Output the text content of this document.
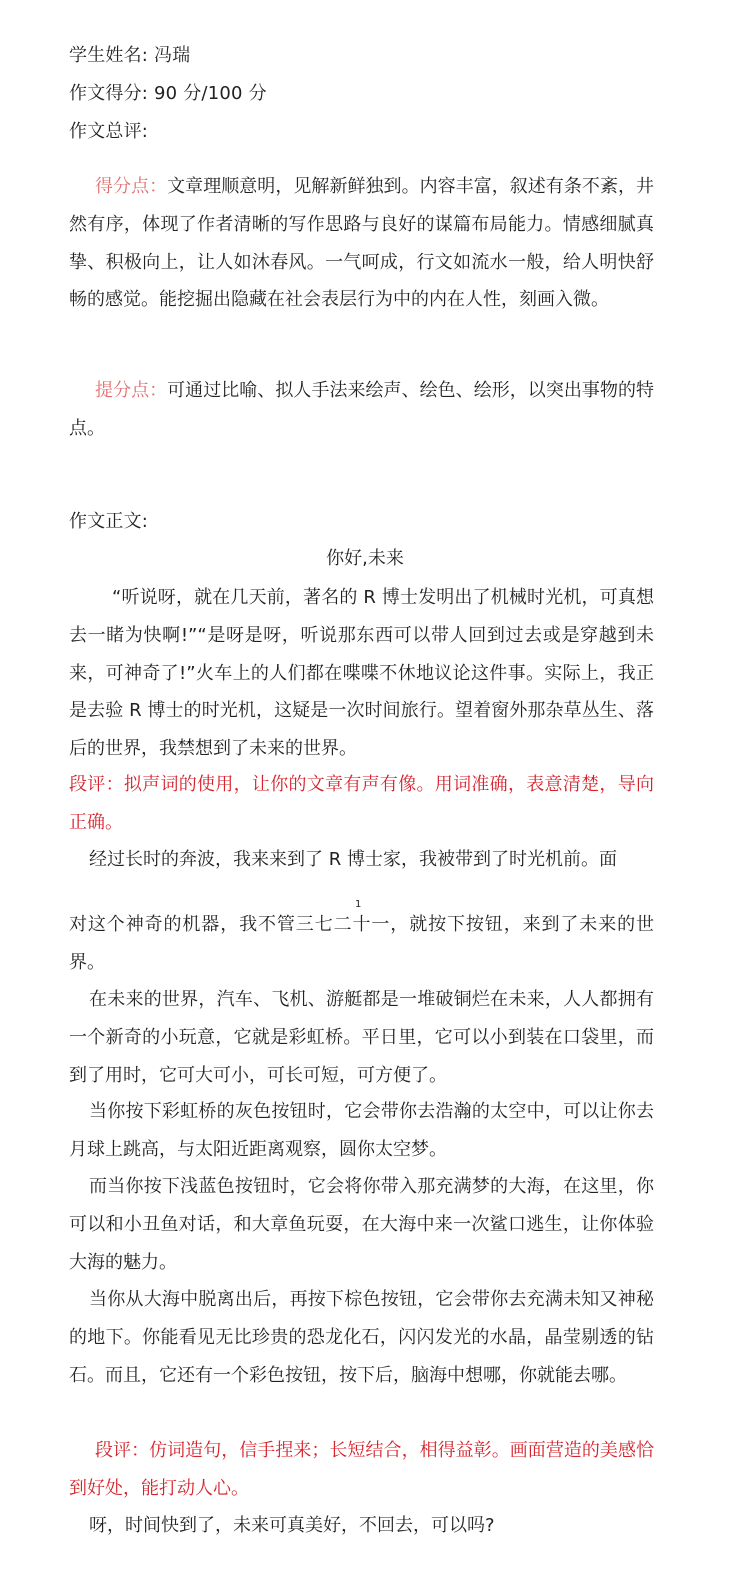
学生姓名: 冯瑞
作文得分: 90 分/100 分
作文总评:
得分点：文章理顺意明，见解新鲜独到。内容丰富，叙述有条不紊，井然有序，体现了作者清晰的写作思路与良好的谋篇布局能力。情感细腻真挚、积极向上，让人如沐春风。一气呵成，行文如流水一般，给人明快舒畅的感觉。能挖掘出隐藏在社会表层行为中的内在人性，刻画入微。
提分点：可通过比喻、拟人手法来绘声、绘色、绘形，以突出事物的特点。
作文正文:
你好,未来
“听说呀，就在几天前，著名的 R 博士发明出了机械时光机，可真想去一睹为快啊!”“是呀是呀，听说那东西可以带人回到过去或是穿越到未来，可神奇了!”火车上的人们都在喋喋不休地议论这件事。实际上，我正是去验 R 博士的时光机，这疑是一次时间旅行。望着窗外那杂草丛生、落后的世界，我禁想到了未来的世界。
段评：拟声词的使用，让你的文章有声有像。用词准确，表意清楚，导向正确。
经过长时的奔波，我来来到了 R 博士家，我被带到了时光机前。面
1
对这个神奇的机器，我不管三七二十一，就按下按钮，来到了未来的世界。
在未来的世界，汽车、飞机、游艇都是一堆破铜烂在未来，人人都拥有一个新奇的小玩意，它就是彩虹桥。平日里，它可以小到装在口袋里，而到了用时，它可大可小，可长可短，可方便了。
当你按下彩虹桥的灰色按钮时，它会带你去浩瀚的太空中，可以让你去月球上跳高，与太阳近距离观察，圆你太空梦。
而当你按下浅蓝色按钮时，它会将你带入那充满梦的大海，在这里，你可以和小丑鱼对话，和大章鱼玩耍，在大海中来一次鲨口逃生，让你体验大海的魅力。
当你从大海中脱离出后，再按下棕色按钮，它会带你去充满未知又神秘的地下。你能看见无比珍贵的恐龙化石，闪闪发光的水晶，晶莹剔透的钻石。而且，它还有一个彩色按钮，按下后，脑海中想哪，你就能去哪。
段评：仿词造句，信手捏来；长短结合，相得益彰。画面营造的美感恰到好处，能打动人心。
呀，时间快到了，未来可真美好，不回去，可以吗?
